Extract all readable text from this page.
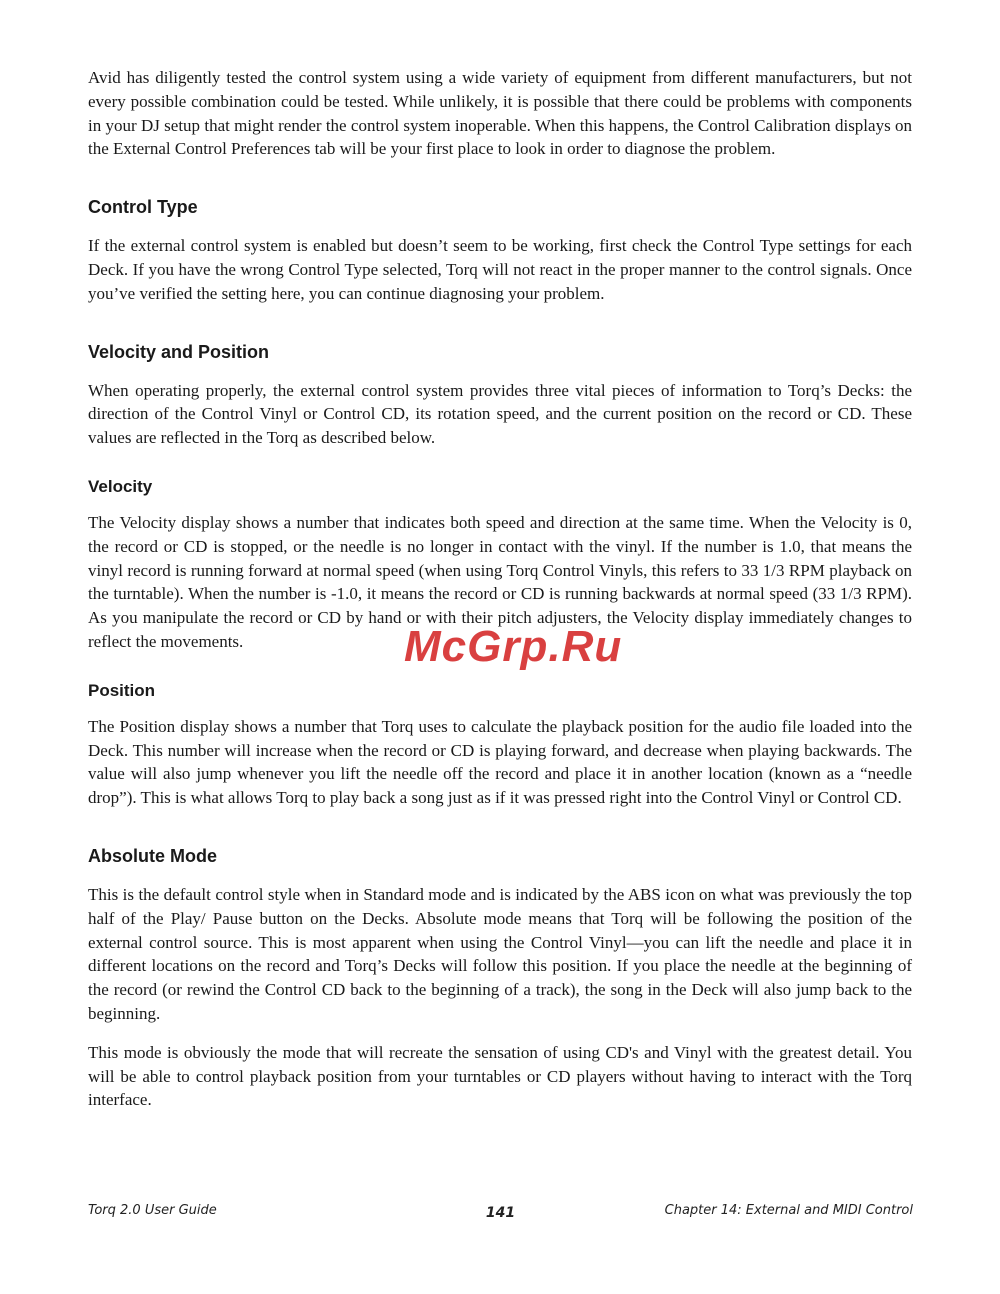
Avid has diligently tested the control system using a wide variety of equipment from different manufacturers, but not every possible combination could be tested. While unlikely, it is possible that there could be problems with components in your DJ setup that might render the control system inoperable. When this happens, the Control Calibration displays on the External Control Preferences tab will be your first place to look in order to diagnose the problem.

Control Type

If the external control system is enabled but doesn’t seem to be working, first check the Control Type settings for each Deck. If you have the wrong Control Type selected, Torq will not react in the proper manner to the control signals. Once you’ve verified the setting here, you can continue diagnosing your problem.

Velocity and Position

When operating properly, the external control system provides three vital pieces of information to Torq’s Decks: the direction of the Control Vinyl or Control CD, its rotation speed, and the current position on the record or CD. These values are reflected in the Torq as described below.

Velocity

The Velocity display shows a number that indicates both speed and direction at the same time. When the Velocity is 0, the record or CD is stopped, or the needle is no longer in contact with the vinyl. If the number is 1.0, that means the vinyl record is running forward at normal speed (when using Torq Control Vinyls, this refers to 33 1/3 RPM playback on the turntable). When the number is -1.0, it means the record or CD is running backwards at normal speed (33 1/3 RPM). As you manipulate the record or CD by hand or with their pitch adjusters, the Velocity display immediately changes to reflect the movements.

Position

The Position display shows a number that Torq uses to calculate the playback position for the audio file loaded into the Deck. This number will increase when the record or CD is playing forward, and decrease when playing backwards. The value will also jump whenever you lift the needle off the record and place it in another location (known as a “needle drop”). This is what allows Torq to play back a song just as if it was pressed right into the Control Vinyl or Control CD.

Absolute Mode

This is the default control style when in Standard mode and is indicated by the ABS icon on what was previously the top half of the Play/ Pause button on the Decks. Absolute mode means that Torq will be following the position of the external control source. This is most apparent when using the Control Vinyl—you can lift the needle and place it in different locations on the record and Torq’s Decks will follow this position. If you place the needle at the beginning of the record (or rewind the Control CD back to the beginning of a track), the song in the Deck will also jump back to the beginning.

This mode is obviously the mode that will recreate the sensation of using CD's and Vinyl with the greatest detail. You will be able to control playback position from your turntables or CD players without having to interact with the Torq interface.

McGrp.Ru
Torq 2.0 User Guide	141	Chapter 14: External and MIDI Control
